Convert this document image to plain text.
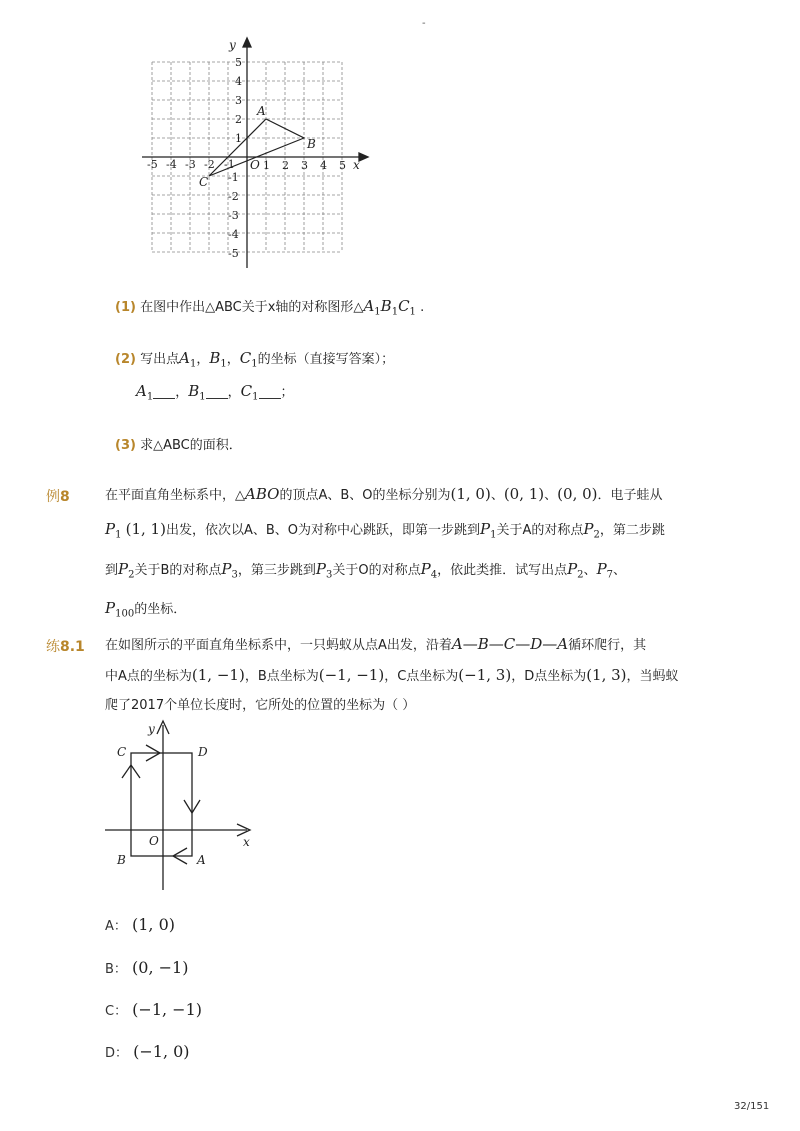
-
-5 -4 -3 -2 -1	1 2 3 4 5
1
2
3
4
5
-1
-2
-3
-4
-5
x
y
O
A
B
C
(1) 在图中作出△ABC关于x轴的对称图形$\triangle A_1B_1C_1$ .
(2) 写出点$A_1$，$B_1$，$C_1$的坐标（直接写答案）；
$A_1$ ，$B_1$ ，$C_1$ ；
(3) 求△ABC的面积．
例8	在平面直角坐标系中，△ABO的顶点A、B、O的坐标分别为(1, 0)、(0, 1)、(0, 0)．电子蛙从
$P_1$ (1, 1)出发，依次以A、B、O为对称中心跳跃，即第一步跳到$P_1$关于A的对称点$P_2$，第二步跳
到$P_2$关于B的对称点$P_3$，第三步跳到$P_3$关于O的对称点$P_4$，依此类推．试写出点$P_2$、$P_7$、
$P_{100}$的坐标．
练8.1 在如图所示的平面直角坐标系中，一只蚂蚁从点A出发，沿着A—B—C—D—A循环爬行，其
中A点的坐标为(1, −1)，B点坐标为(−1, −1)，C点坐标为(−1, 3)，D点坐标为(1, 3)，当蚂蚁
爬了2017个单位长度时，它所处的位置的坐标为（ ）
x
y
O
C	D
B	A
A： (1, 0)
B： (0, −1)
C： (−1, −1)
D： (−1, 0)
32/151
